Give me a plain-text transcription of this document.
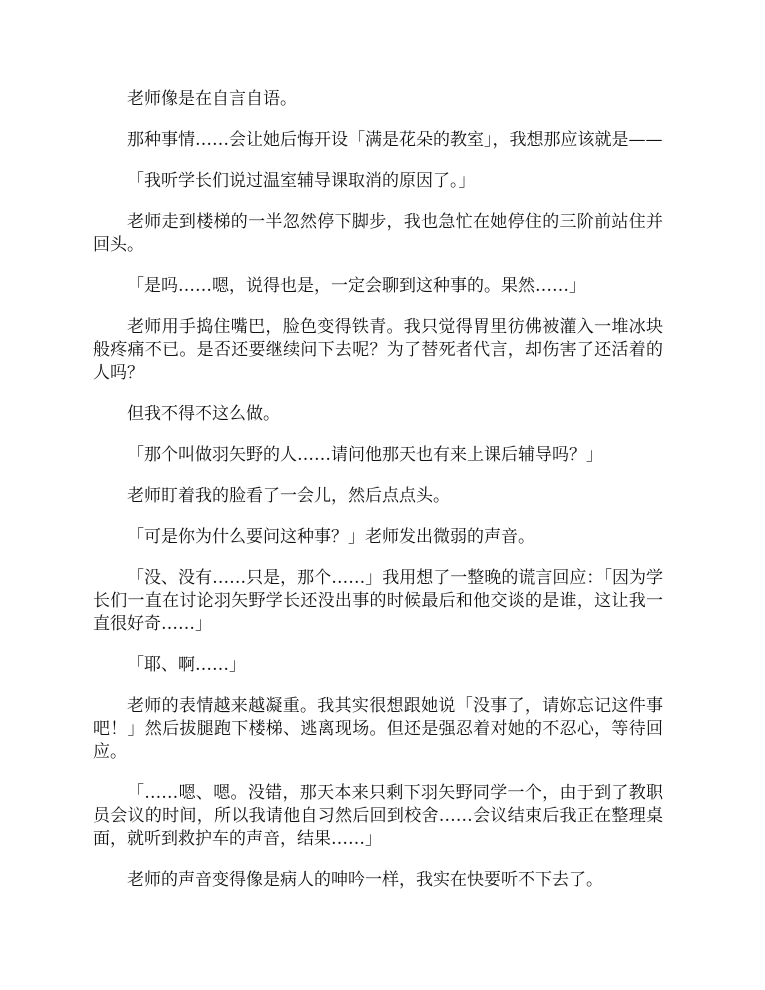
老师像是在自言自语。

那种事情……会让她后悔开设「满是花朵的教室」，我想那应该就是——

「我听学长们说过温室辅导课取消的原因了。」

老师走到楼梯的一半忽然停下脚步，我也急忙在她停住的三阶前站住并回头。

「是吗……嗯，说得也是，一定会聊到这种事的。果然……」

老师用手捣住嘴巴，脸色变得铁青。我只觉得胃里彷佛被灌入一堆冰块般疼痛不已。是否还要继续问下去呢？为了替死者代言，却伤害了还活着的人吗？

但我不得不这么做。

「那个叫做羽矢野的人……请问他那天也有来上课后辅导吗？」

老师盯着我的脸看了一会儿，然后点点头。

「可是你为什么要问这种事？」老师发出微弱的声音。

「没、没有……只是，那个……」我用想了一整晚的谎言回应：「因为学长们一直在讨论羽矢野学长还没出事的时候最后和他交谈的是谁，这让我一直很好奇……」

「耶、啊……」

老师的表情越来越凝重。我其实很想跟她说「没事了，请妳忘记这件事吧！」然后拔腿跑下楼梯、逃离现场。但还是强忍着对她的不忍心，等待回应。

「……嗯、嗯。没错，那天本来只剩下羽矢野同学一个，由于到了教职员会议的时间，所以我请他自习然后回到校舍……会议结束后我正在整理桌面，就听到救护车的声音，结果……」

老师的声音变得像是病人的呻吟一样，我实在快要听不下去了。
